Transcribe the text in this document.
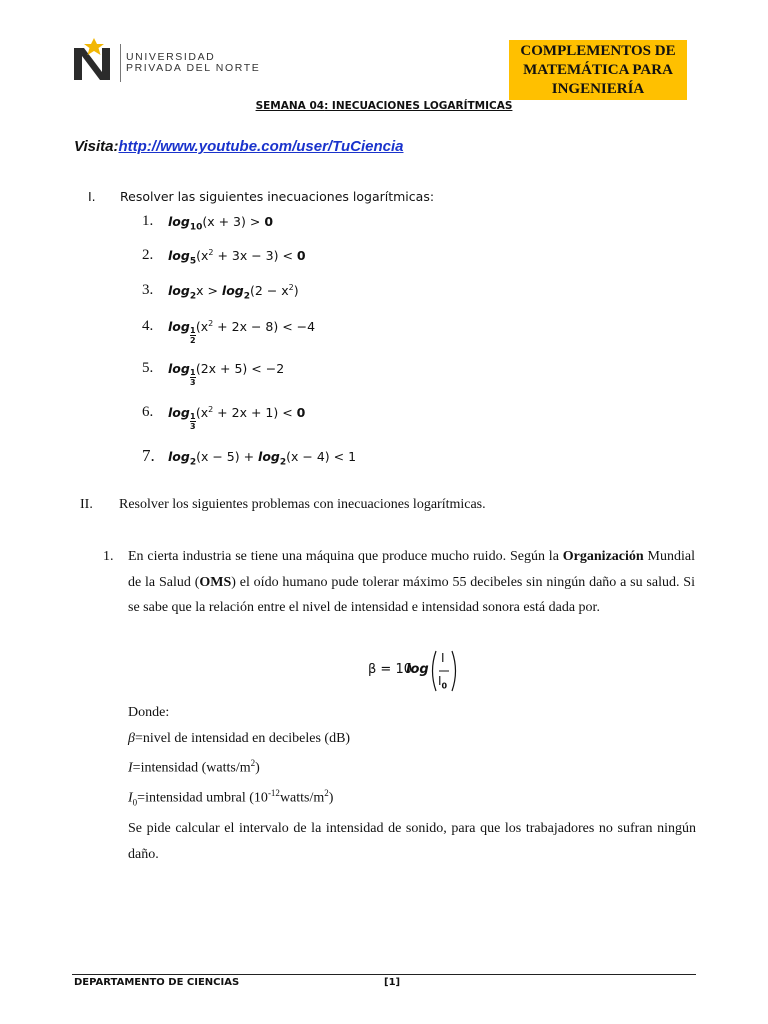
UNIVERSIDAD
PRIVADA DEL NORTE
COMPLEMENTOS DE
MATEMÁTICA PARA
INGENIERÍA
SEMANA 04: INECUACIONES LOGARÍTMICAS
Visita:http://www.youtube.com/user/TuCiencia
I. Resolver las siguientes inecuaciones logarítmicas:
1. $\log_{10}(x + 3) > 0$
2. $\log_5(x^2 + 3x - 3) < 0$
3. $\log_2x > \log_2(2 - x^2)$
4. $\log \frac{1}{2} (x^2 + 2x - 8) < -4$
5. $\log \frac{1}{3} (2x + 5) < -2$
6. $\log \frac{1}{3} (x^2 + 2x + 1) < 0$
7. $\log_2(x - 5) + \log_2(x - 4) < 1$
II. Resolver los siguientes problemas con inecuaciones logarítmicas.
1. En cierta industria se tiene una máquina que produce mucho ruido. Según la Organización Mundial de la Salud (OMS) el oído humano pude tolerar máximo 55 decibeles sin ningún daño a su salud. Si se sabe que la relación entre el nivel de intensidad e intensidad sonora está dada por.
β = 10
log
I
$I_0$
Donde:
β=nivel de intensidad en decibeles (dB)
I=intensidad $(watts/m^2)$
$I_0=intensidad$ umbral $(10^{-12}watts/m^2)$
Se pide calcular el intervalo de la intensidad de sonido, para que los trabajadores no sufran ningún daño.
DEPARTAMENTO DE CIENCIAS	[1]
